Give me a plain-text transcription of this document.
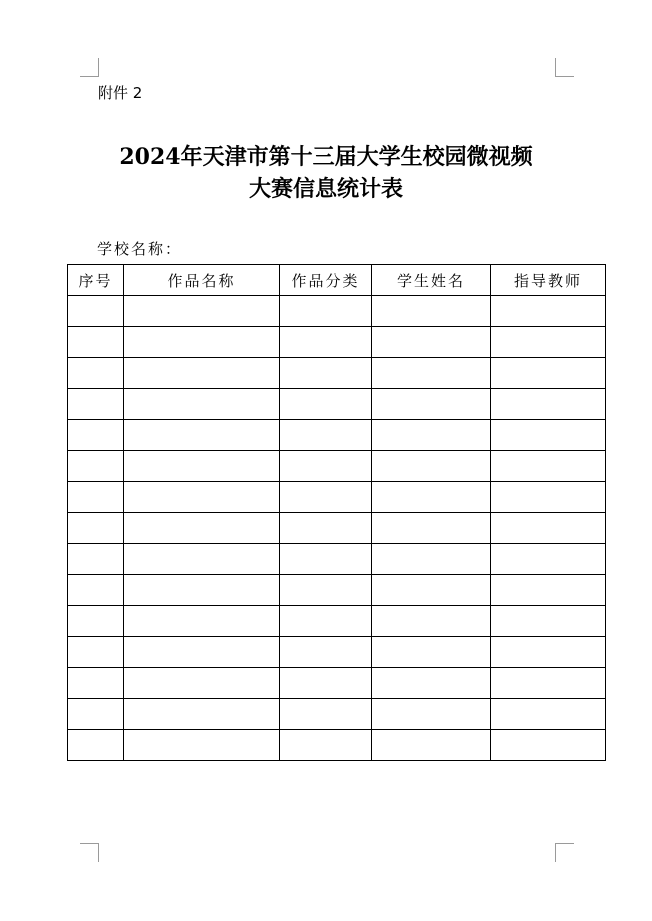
附件 2
2024年天津市第十三届大学生校园微视频
大赛信息统计表
学校名称：
序号	作品名称	作品分类	学生姓名	指导教师
